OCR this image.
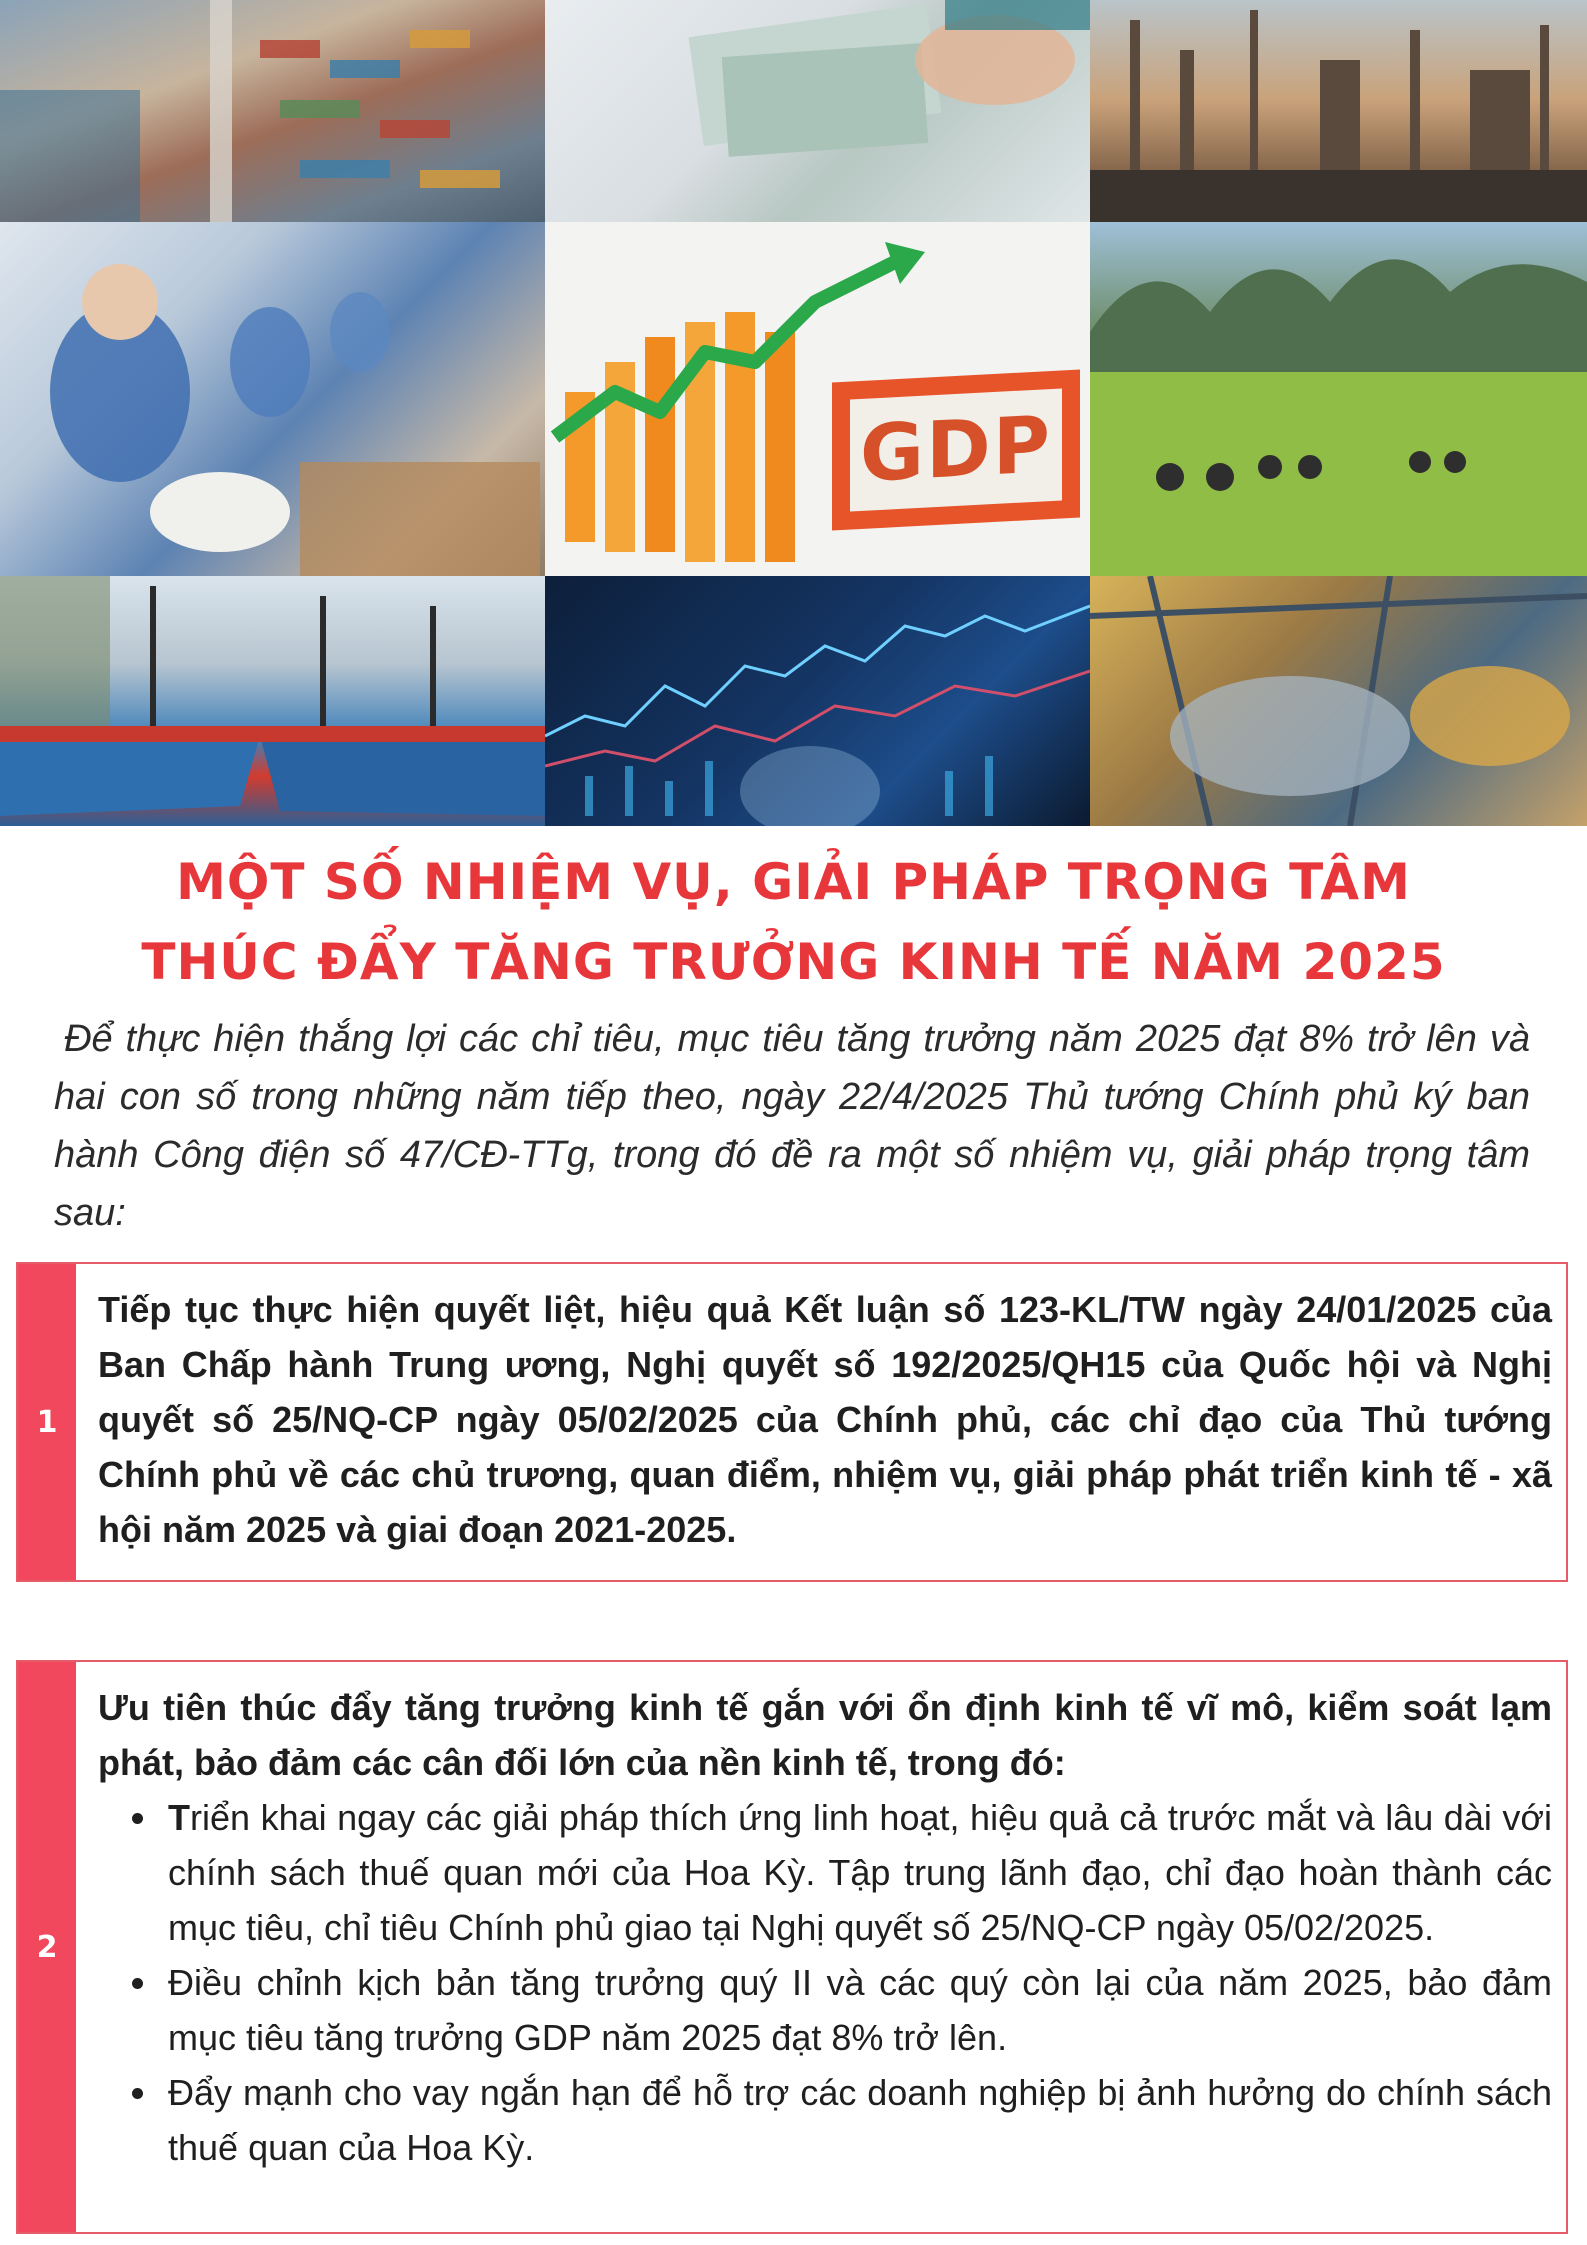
GDP
MỘT SỐ NHIỆM VỤ, GIẢI PHÁP TRỌNG TÂM
THÚC ĐẨY TĂNG TRƯỞNG KINH TẾ NĂM 2025
Để thực hiện thắng lợi các chỉ tiêu, mục tiêu tăng trưởng năm 2025 đạt 8% trở lên và hai con số trong những năm tiếp theo, ngày 22/4/2025 Thủ tướng Chính phủ ký ban hành Công điện số 47/CĐ-TTg, trong đó đề ra một số nhiệm vụ, giải pháp trọng tâm sau:
1
Tiếp tục thực hiện quyết liệt, hiệu quả Kết luận số 123-KL/TW ngày 24/01/2025 của Ban Chấp hành Trung ương, Nghị quyết số 192/2025/QH15 của Quốc hội và Nghị quyết số 25/NQ-CP ngày 05/02/2025 của Chính phủ, các chỉ đạo của Thủ tướng Chính phủ về các chủ trương, quan điểm, nhiệm vụ, giải pháp phát triển kinh tế - xã hội năm 2025 và giai đoạn 2021-2025.
2
Ưu tiên thúc đẩy tăng trưởng kinh tế gắn với ổn định kinh tế vĩ mô, kiểm soát lạm phát, bảo đảm các cân đối lớn của nền kinh tế, trong đó:
Triển khai ngay các giải pháp thích ứng linh hoạt, hiệu quả cả trước mắt và lâu dài với chính sách thuế quan mới của Hoa Kỳ. Tập trung lãnh đạo, chỉ đạo hoàn thành các mục tiêu, chỉ tiêu Chính phủ giao tại Nghị quyết số 25/NQ-CP ngày 05/02/2025.
Điều chỉnh kịch bản tăng trưởng quý II và các quý còn lại của năm 2025, bảo đảm mục tiêu tăng trưởng GDP năm 2025 đạt 8% trở lên.
Đẩy mạnh cho vay ngắn hạn để hỗ trợ các doanh nghiệp bị ảnh hưởng do chính sách thuế quan của Hoa Kỳ.
